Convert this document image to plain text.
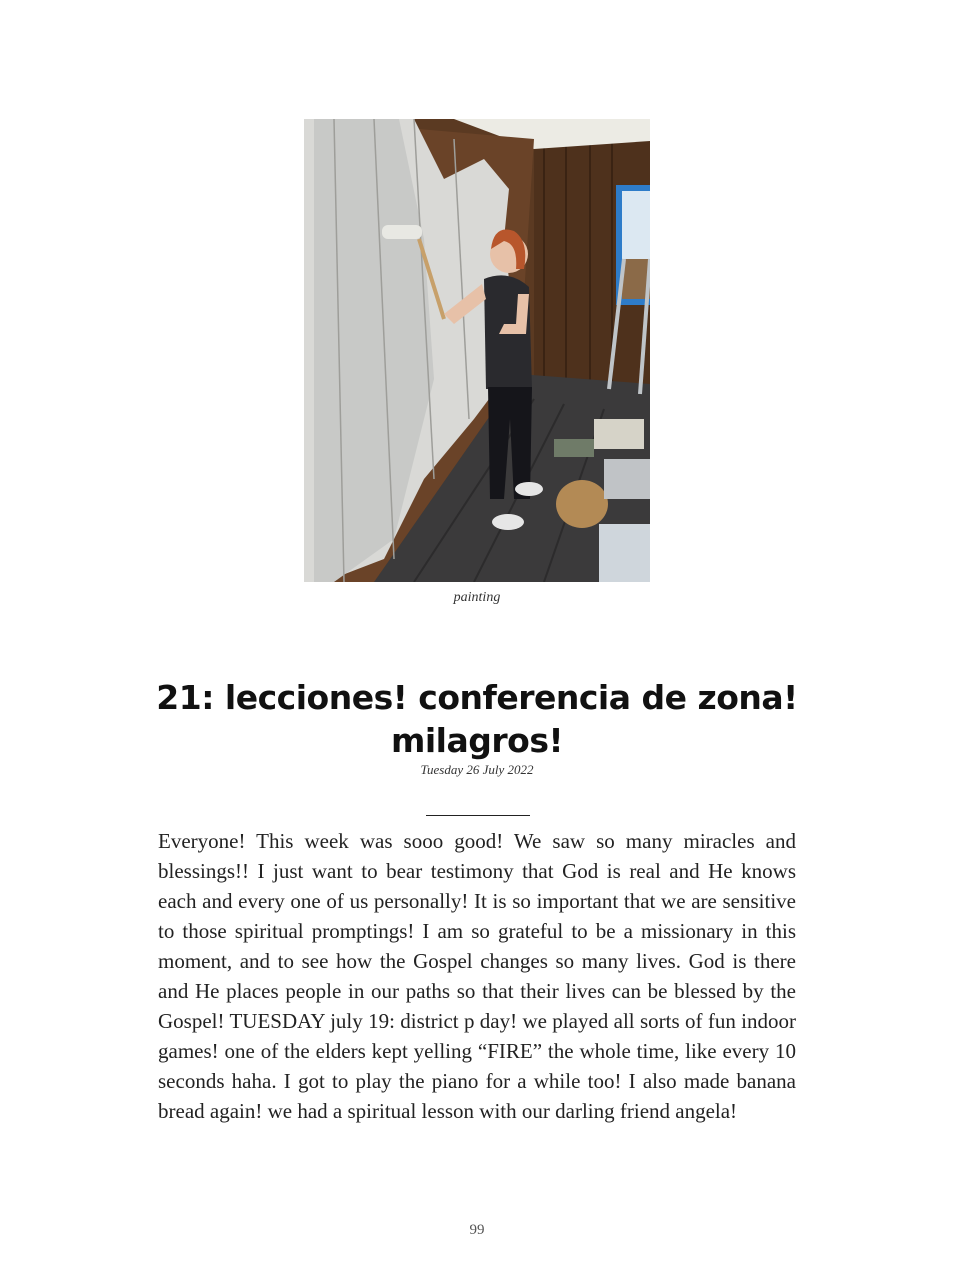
painting
21: lecciones! conferencia de zona! milagros!
Tuesday 26 July 2022

Everyone! This week was sooo good! We saw so many miracles and blessings!! I just want to bear testimony that God is real and He knows each and every one of us personally! It is so important that we are sensitive to those spiritual promptings! I am so grateful to be a missionary in this moment, and to see how the Gospel changes so many lives. God is there and He places people in our paths so that their lives can be blessed by the Gospel! TUESDAY july 19: district p day! we played all sorts of fun indoor games! one of the elders kept yelling “FIRE” the whole time, like every 10 seconds haha. I got to play the piano for a while too! I also made banana bread again! we had a spiritual lesson with our darling friend angela!

99
